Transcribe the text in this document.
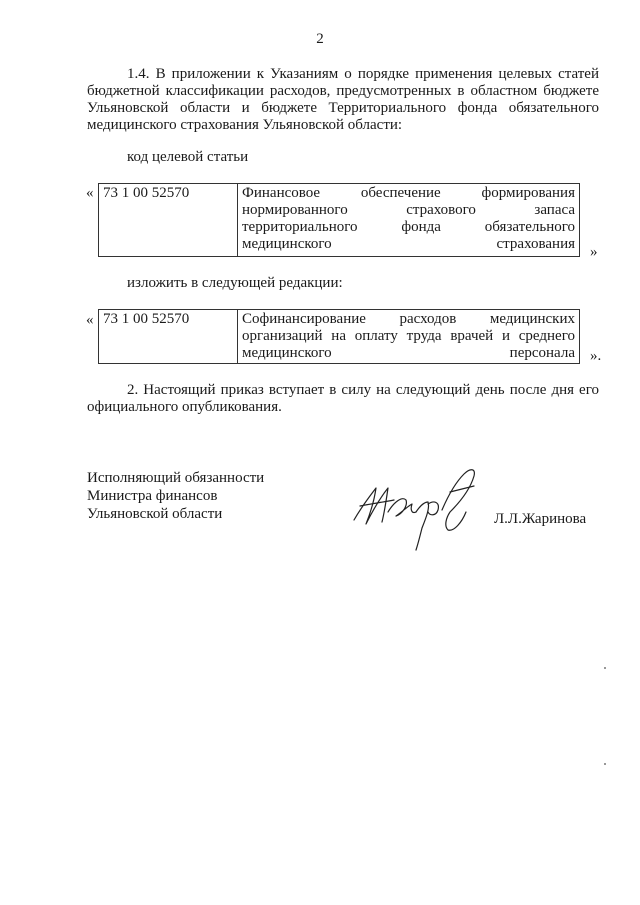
2
1.4. В приложении к Указаниям о порядке применения целевых статей бюджетной классификации расходов, предусмотренных в областном бюджете Ульяновской области и бюджете Территориального фонда обязательного медицинского страхования Ульяновской области:
код целевой статьи
« 73 1 00 52570	Финансовое обеспечение формирования нормированного страхового запаса территориального фонда обязательного медицинского страхования »
изложить в следующей редакции:
« 73 1 00 52570	Софинансирование расходов медицинских организаций на оплату труда врачей и среднего медицинского персонала ».
2. Настоящий приказ вступает в силу на следующий день после дня его официального опубликования.
Исполняющий обязанности
Министра финансов
Ульяновской области	Л.Л.Жаринова
